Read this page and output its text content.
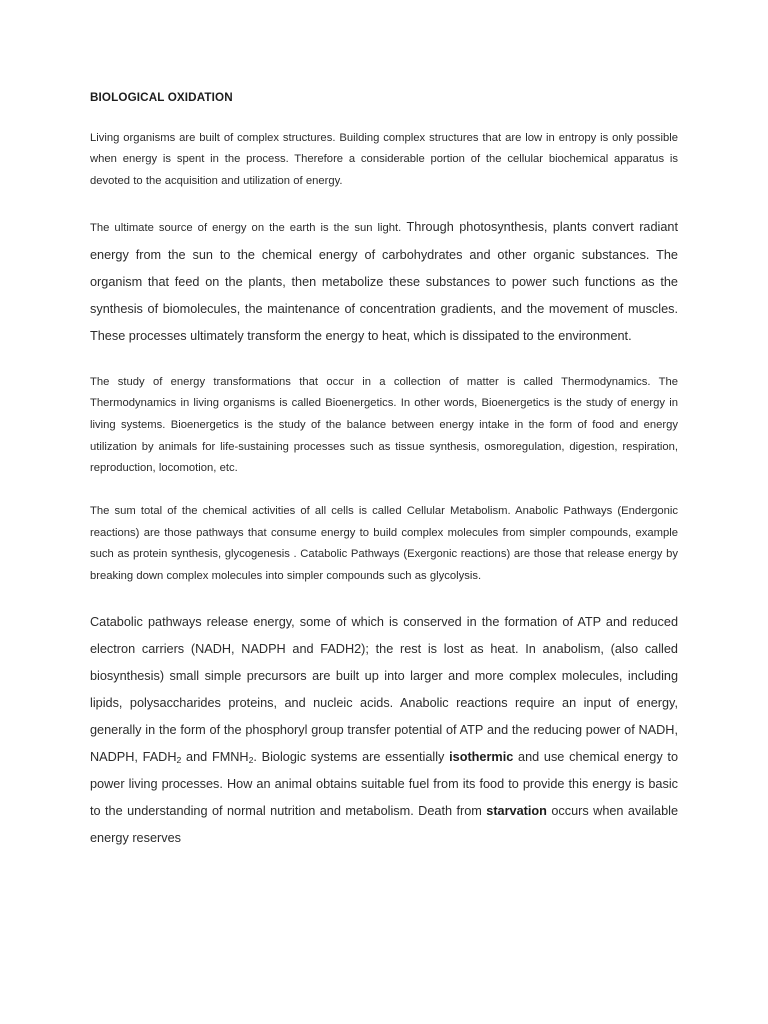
BIOLOGICAL OXIDATION

Living organisms are built of complex structures. Building complex structures that are low in entropy is only possible when energy is spent in the process. Therefore a considerable portion of the cellular biochemical apparatus is devoted to the acquisition and utilization of energy.

The ultimate source of energy on the earth is the sun light. Through photosynthesis, plants convert radiant energy from the sun to the chemical energy of carbohydrates and other organic substances. The organism that feed on the plants, then metabolize these substances to power such functions as the synthesis of biomolecules, the maintenance of concentration gradients, and the movement of muscles. These processes ultimately transform the energy to heat, which is dissipated to the environment.

The study of energy transformations that occur in a collection of matter is called Thermodynamics. The Thermodynamics in living organisms is called Bioenergetics. In other words, Bioenergetics is the study of energy in living systems. Bioenergetics is the study of the balance between energy intake in the form of food and energy utilization by animals for life-sustaining processes such as tissue synthesis, osmoregulation, digestion, respiration, reproduction, locomotion, etc.

The sum total of the chemical activities of all cells is called Cellular Metabolism. Anabolic Pathways (Endergonic reactions) are those pathways that consume energy to build complex molecules from simpler compounds, example such as protein synthesis, glycogenesis . Catabolic Pathways (Exergonic reactions) are those that release energy by breaking down complex molecules into simpler compounds such as glycolysis.

Catabolic pathways release energy, some of which is conserved in the formation of ATP and reduced electron carriers (NADH, NADPH and FADH2); the rest is lost as heat. In anabolism, (also called biosynthesis) small simple precursors are built up into larger and more complex molecules, including lipids, polysaccharides proteins, and nucleic acids. Anabolic reactions require an input of energy, generally in the form of the phosphoryl group transfer potential of ATP and the reducing power of NADH, NADPH, $FADH_2$ and $FMNH_2$. Biologic systems are essentially isothermic and use chemical energy to power living processes. How an animal obtains suitable fuel from its food to provide this energy is basic to the understanding of normal nutrition and metabolism. Death from starvation occurs when available energy reserves
